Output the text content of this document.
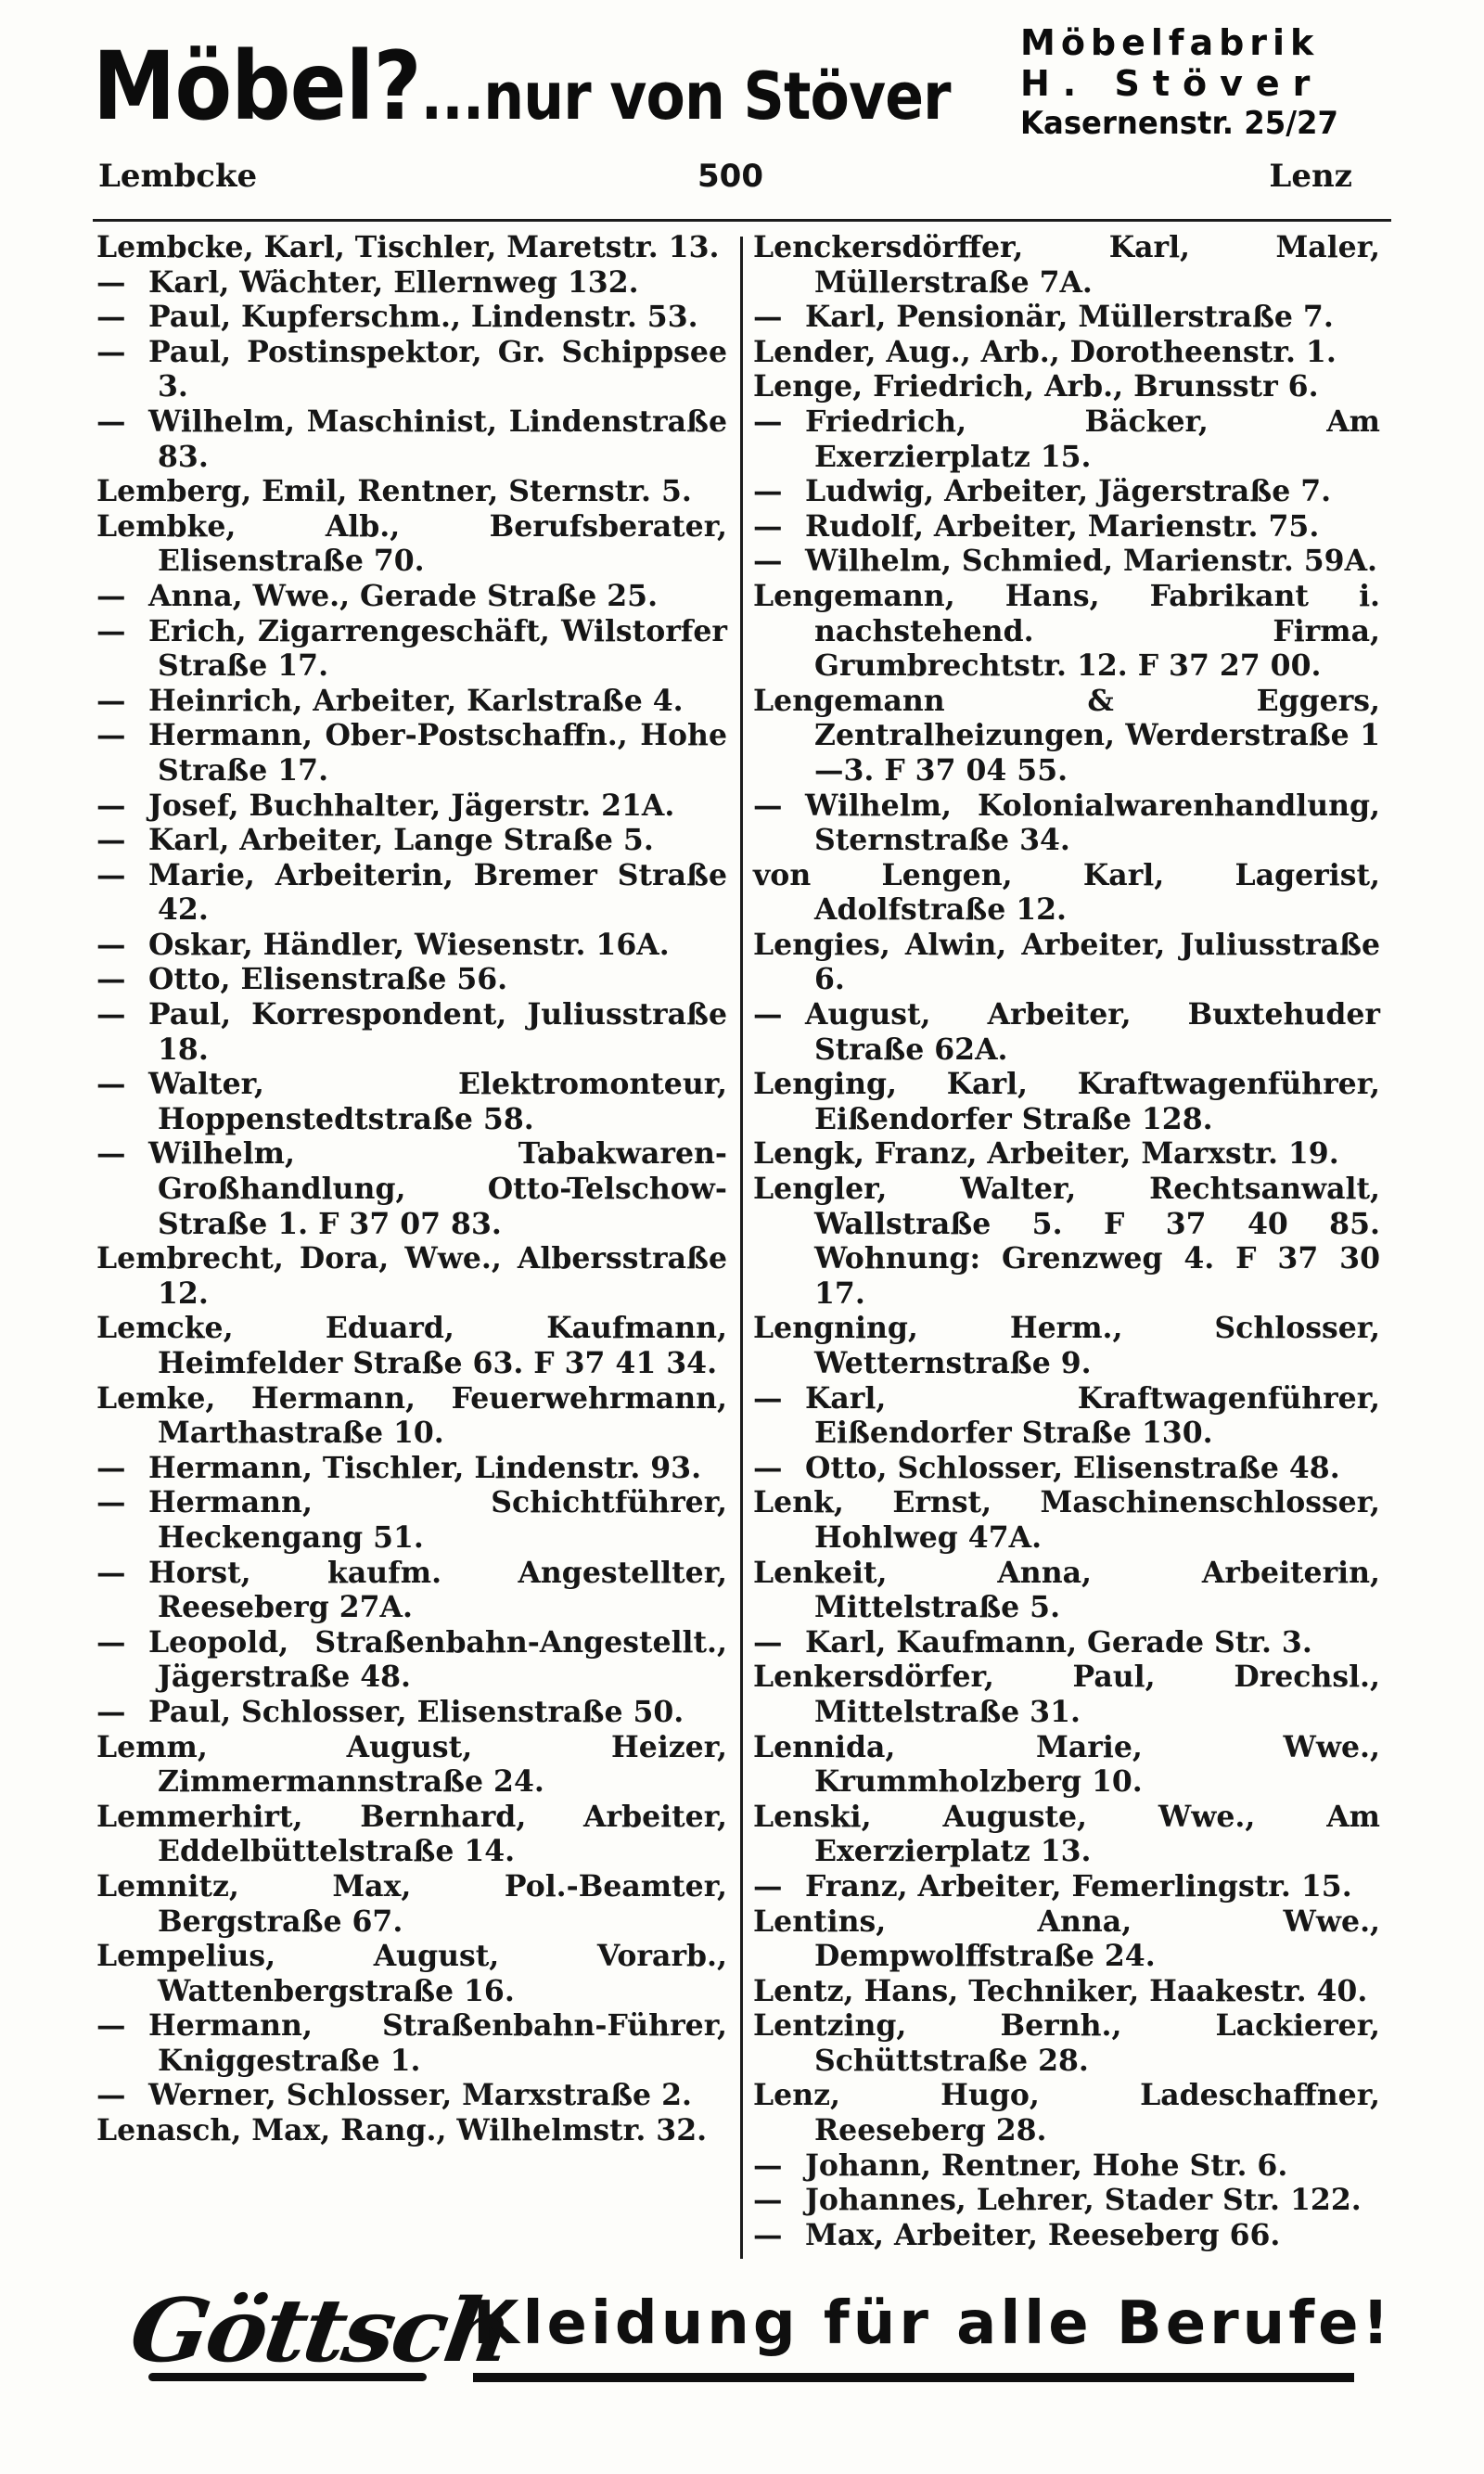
Möbel?...nur von Stöver
Möbelfabrik
H. Stöver
Kasernenstr. 25/27
Lembcke	500	Lenz

Lembcke, Karl, Tischler, Maretstr. 13.

— Karl, Wächter, Ellernweg 132.

— Paul, Kupferschm., Lindenstr. 53.

— Paul, Postinspektor, Gr. Schippsee 3.

— Wilhelm, Maschinist, Lindenstraße 83.

Lemberg, Emil, Rentner, Sternstr. 5.

Lembke, Alb., Berufsberater, Elisenstraße 70.

— Anna, Wwe., Gerade Straße 25.

— Erich, Zigarrengeschäft, Wilstorfer Straße 17.

— Heinrich, Arbeiter, Karlstraße 4.

— Hermann, Ober-Postschaffn., Hohe Straße 17.

— Josef, Buchhalter, Jägerstr. 21A.

— Karl, Arbeiter, Lange Straße 5.

— Marie, Arbeiterin, Bremer Straße 42.

— Oskar, Händler, Wiesenstr. 16A.

— Otto, Elisenstraße 56.

— Paul, Korrespondent, Juliusstraße 18.

— Walter, Elektromonteur, Hoppenstedtstraße 58.

— Wilhelm, Tabakwaren-Großhandlung, Otto-Telschow-Straße 1. F 37 07 83.

Lembrecht, Dora, Wwe., Albersstraße 12.

Lemcke, Eduard, Kaufmann, Heimfelder Straße 63. F 37 41 34.

Lemke, Hermann, Feuerwehrmann, Marthastraße 10.

— Hermann, Tischler, Lindenstr. 93.

— Hermann, Schichtführer, Heckengang 51.

— Horst, kaufm. Angestellter, Reeseberg 27A.

— Leopold, Straßenbahn-Angestellt., Jägerstraße 48.

— Paul, Schlosser, Elisenstraße 50.

Lemm, August, Heizer, Zimmermannstraße 24.

Lemmerhirt, Bernhard, Arbeiter, Eddelbüttelstraße 14.

Lemnitz, Max, Pol.-Beamter, Bergstraße 67.

Lempelius, August, Vorarb., Wattenbergstraße 16.

— Hermann, Straßenbahn-Führer, Kniggestraße 1.

— Werner, Schlosser, Marxstraße 2.

Lenasch, Max, Rang., Wilhelmstr. 32.

Lenckersdörffer, Karl, Maler, Müllerstraße 7A.

— Karl, Pensionär, Müllerstraße 7.

Lender, Aug., Arb., Dorotheenstr. 1.

Lenge, Friedrich, Arb., Brunsstr 6.

— Friedrich, Bäcker, Am Exerzierplatz 15.

— Ludwig, Arbeiter, Jägerstraße 7.

— Rudolf, Arbeiter, Marienstr. 75.

— Wilhelm, Schmied, Marienstr. 59A.

Lengemann, Hans, Fabrikant i. nachstehend. Firma, Grumbrechtstr. 12. F 37 27 00.

Lengemann & Eggers, Zentralheizungen, Werderstraße 1—3. F 37 04 55.

— Wilhelm, Kolonialwarenhandlung, Sternstraße 34.

von Lengen, Karl, Lagerist, Adolfstraße 12.

Lengies, Alwin, Arbeiter, Juliusstraße 6.

— August, Arbeiter, Buxtehuder Straße 62A.

Lenging, Karl, Kraftwagenführer, Eißendorfer Straße 128.

Lengk, Franz, Arbeiter, Marxstr. 19.

Lengler, Walter, Rechtsanwalt, Wallstraße 5. F 37 40 85. Wohnung: Grenzweg 4. F 37 30 17.

Lengning, Herm., Schlosser, Wetternstraße 9.

— Karl, Kraftwagenführer, Eißendorfer Straße 130.

— Otto, Schlosser, Elisenstraße 48.

Lenk, Ernst, Maschinenschlosser, Hohlweg 47A.

Lenkeit, Anna, Arbeiterin, Mittelstraße 5.

— Karl, Kaufmann, Gerade Str. 3.

Lenkersdörfer, Paul, Drechsl., Mittelstraße 31.

Lennida, Marie, Wwe., Krummholzberg 10.

Lenski, Auguste, Wwe., Am Exerzierplatz 13.

— Franz, Arbeiter, Femerlingstr. 15.

Lentins, Anna, Wwe., Dempwolffstraße 24.

Lentz, Hans, Techniker, Haakestr. 40.

Lentzing, Bernh., Lackierer, Schüttstraße 28.

Lenz, Hugo, Ladeschaffner, Reeseberg 28.

— Johann, Rentner, Hohe Str. 6.

— Johannes, Lehrer, Stader Str. 122.

— Max, Arbeiter, Reeseberg 66.

Göttsch
Kleidung für alle Berufe!
